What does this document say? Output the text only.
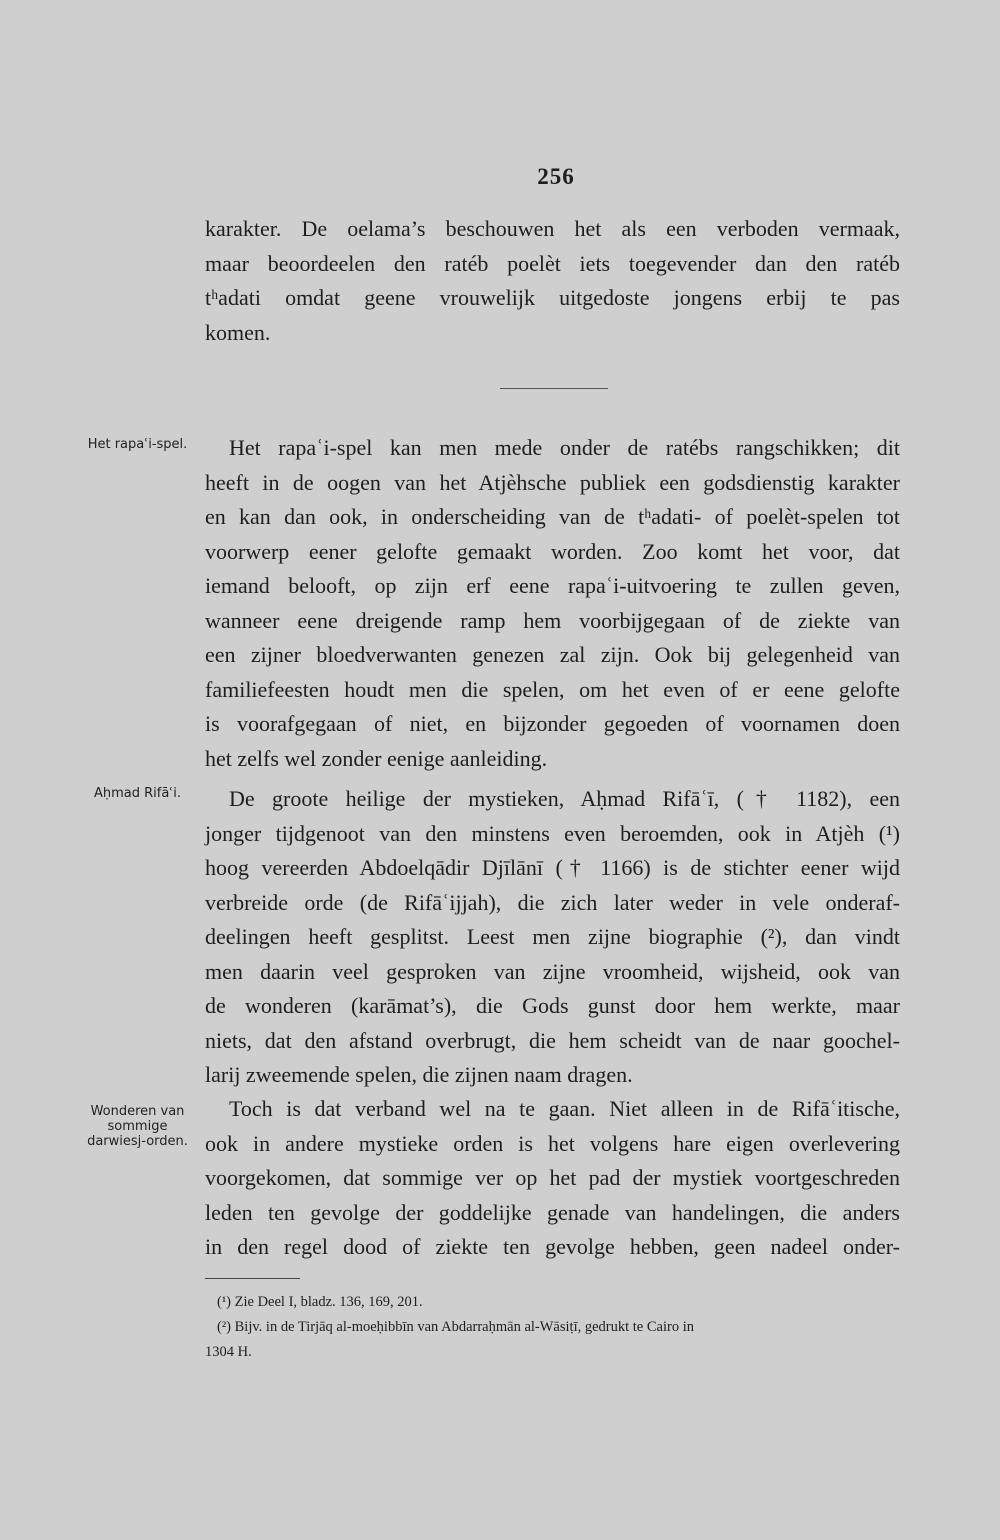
256
karakter. De oelama’s beschouwen het als een verboden vermaak,
maar beoordeelen den ratéb poelèt iets toegevender dan den ratéb
tʰadati omdat geene vrouwelijk uitgedoste jongens erbij te pas
komen.
Het rapaʿi-spel.
Aḥmad Rifāʿi.
Wonderen van sommige darwiesj-orden.
Het rapaʿi-spel kan men mede onder de ratébs rangschikken; dit
heeft in de oogen van het Atjèhsche publiek een godsdienstig karakter
en kan dan ook, in onderscheiding van de tʰadati- of poelèt-spelen tot
voorwerp eener gelofte gemaakt worden. Zoo komt het voor, dat
iemand belooft, op zijn erf eene rapaʿi-uitvoering te zullen geven,
wanneer eene dreigende ramp hem voorbijgegaan of de ziekte van
een zijner bloedverwanten genezen zal zijn. Ook bij gelegenheid van
familiefeesten houdt men die spelen, om het even of er eene gelofte
is voorafgegaan of niet, en bijzonder gegoeden of voornamen doen
het zelfs wel zonder eenige aanleiding.
De groote heilige der mystieken, Aḥmad Rifāʿī, († 1182), een
jonger tijdgenoot van den minstens even beroemden, ook in Atjèh (¹)
hoog vereerden Abdoelqādir Djīlānī († 1166) is de stichter eener wijd
verbreide orde (de Rifāʿijjah), die zich later weder in vele onderaf-
deelingen heeft gesplitst. Leest men zijne biographie (²), dan vindt
men daarin veel gesproken van zijne vroomheid, wijsheid, ook van
de wonderen (karāmat’s), die Gods gunst door hem werkte, maar
niets, dat den afstand overbrugt, die hem scheidt van de naar goochel-
larij zweemende spelen, die zijnen naam dragen.
Toch is dat verband wel na te gaan. Niet alleen in de Rifāʿitische,
ook in andere mystieke orden is het volgens hare eigen overlevering
voorgekomen, dat sommige ver op het pad der mystiek voortgeschreden
leden ten gevolge der goddelijke genade van handelingen, die anders
in den regel dood of ziekte ten gevolge hebben, geen nadeel onder-
(¹) Zie Deel I, bladz. 136, 169, 201.
(²) Bijv. in de Tirjāq al-moeḥibbīn van Abdarraḥmān al-Wāsiṭī, gedrukt te Cairo in
1304 H.
